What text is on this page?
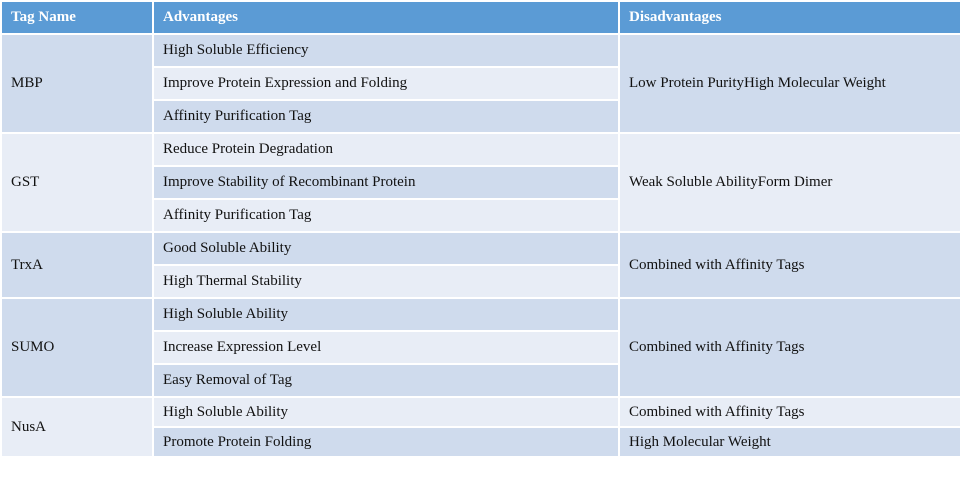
Tag Name	Advantages	Disadvantages
MBP	High Soluble Efficiency	Low Protein PurityHigh Molecular Weight
	Improve Protein Expression and Folding	
	Affinity Purification Tag	
GST	Reduce Protein Degradation	Weak Soluble AbilityForm Dimer
	Improve Stability of Recombinant Protein	
	Affinity Purification Tag	
TrxA	Good Soluble Ability	Combined with Affinity Tags
	High Thermal Stability	
SUMO	High Soluble Ability	Combined with Affinity Tags
	Increase Expression Level	
	Easy Removal of Tag	
NusA	High Soluble Ability	Combined with Affinity Tags
	Promote Protein Folding	High Molecular Weight
